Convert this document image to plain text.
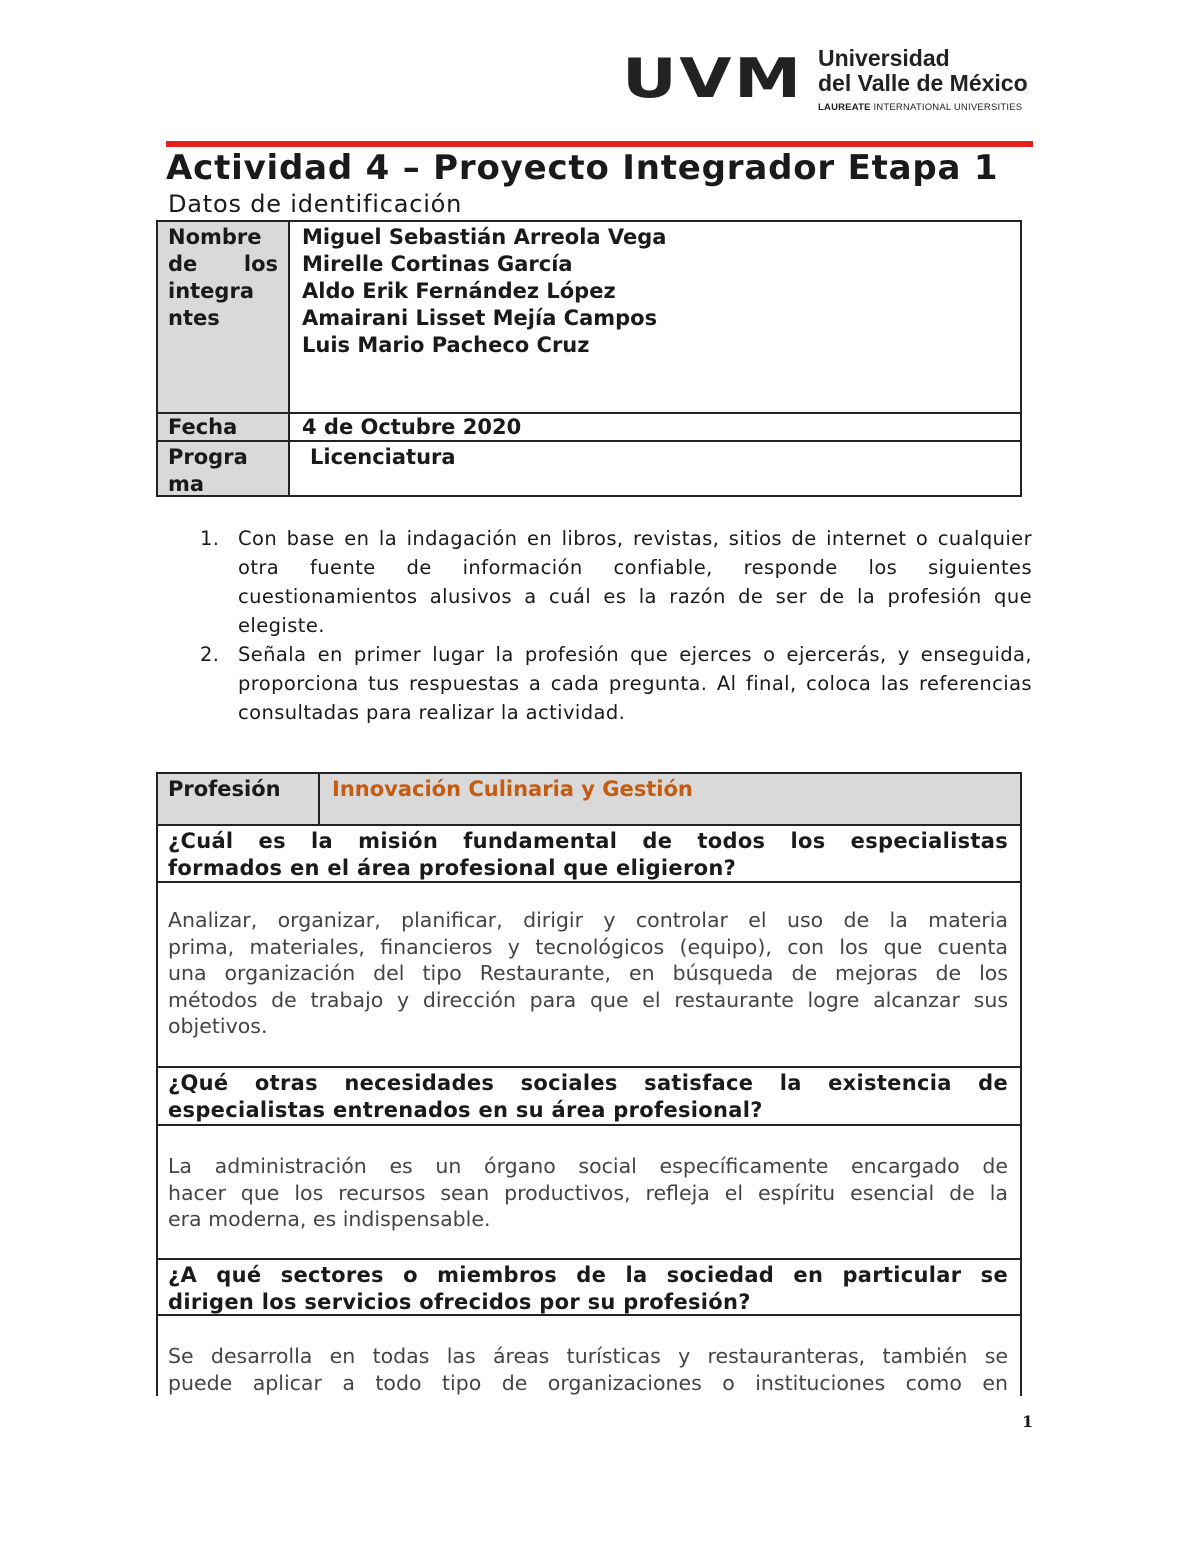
UVM Universidad
del Valle de México
LAUREATE INTERNATIONAL UNIVERSITIES
Actividad 4 – Proyecto Integrador Etapa 1
Datos de identificación
Nombre
de los
integra
ntes
Miguel Sebastián Arreola Vega
Mirelle Cortinas García
Aldo Erik Fernández López
Amairani Lisset Mejía Campos
Luis Mario Pacheco Cruz
Fecha	4 de Octubre 2020
Progra
ma
Licenciatura
1. Con base en la indagación en libros, revistas, sitios de internet o cualquier otra fuente de información confiable, responde los siguientes cuestionamientos alusivos a cuál es la razón de ser de la profesión que elegiste.
2. Señala en primer lugar la profesión que ejerces o ejercerás, y enseguida, proporciona tus respuestas a cada pregunta. Al final, coloca las referencias consultadas para realizar la actividad.
Profesión	Innovación Culinaria y Gestión
¿Cuál es la misión fundamental de todos los especialistas
formados en el área profesional que eligieron?
Analizar, organizar, planificar, dirigir y controlar el uso de la materia
prima, materiales, financieros y tecnológicos (equipo), con los que cuenta
una organización del tipo Restaurante, en búsqueda de mejoras de los
métodos de trabajo y dirección para que el restaurante logre alcanzar sus
objetivos.
¿Qué otras necesidades sociales satisface la existencia de
especialistas entrenados en su área profesional?
La administración es un órgano social específicamente encargado de
hacer que los recursos sean productivos, refleja el espíritu esencial de la
era moderna, es indispensable.
¿A qué sectores o miembros de la sociedad en particular se
dirigen los servicios ofrecidos por su profesión?
Se desarrolla en todas las áreas turísticas y restauranteras, también se
puede aplicar a todo tipo de organizaciones o instituciones como en
1
